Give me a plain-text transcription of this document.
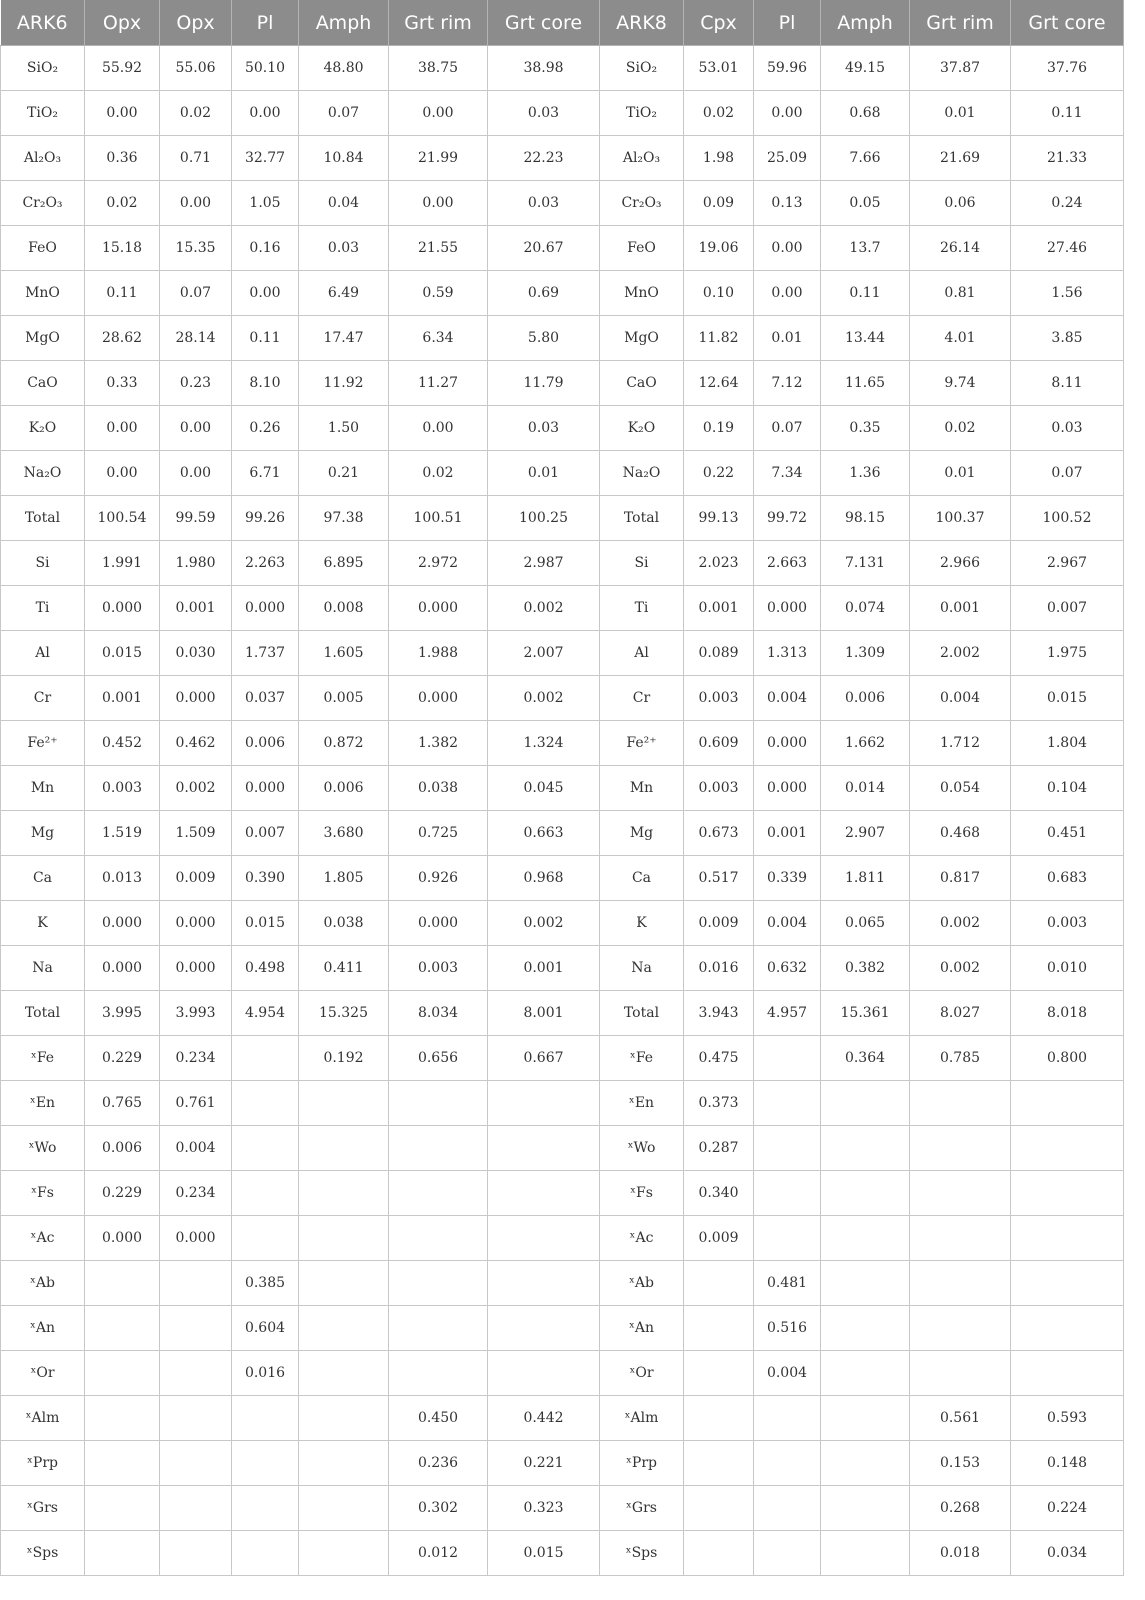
ARK6	Opx	Opx	Pl	Amph	Grt rim	Grt core	ARK8	Cpx	Pl	Amph	Grt rim	Grt core
SiO₂	55.92	55.06	50.10	48.80	38.75	38.98	SiO₂	53.01	59.96	49.15	37.87	37.76
TiO₂	0.00	0.02	0.00	0.07	0.00	0.03	TiO₂	0.02	0.00	0.68	0.01	0.11
Al₂O₃	0.36	0.71	32.77	10.84	21.99	22.23	Al₂O₃	1.98	25.09	7.66	21.69	21.33
Cr₂O₃	0.02	0.00	1.05	0.04	0.00	0.03	Cr₂O₃	0.09	0.13	0.05	0.06	0.24
FeO	15.18	15.35	0.16	0.03	21.55	20.67	FeO	19.06	0.00	13.7	26.14	27.46
MnO	0.11	0.07	0.00	6.49	0.59	0.69	MnO	0.10	0.00	0.11	0.81	1.56
MgO	28.62	28.14	0.11	17.47	6.34	5.80	MgO	11.82	0.01	13.44	4.01	3.85
CaO	0.33	0.23	8.10	11.92	11.27	11.79	CaO	12.64	7.12	11.65	9.74	8.11
K₂O	0.00	0.00	0.26	1.50	0.00	0.03	K₂O	0.19	0.07	0.35	0.02	0.03
Na₂O	0.00	0.00	6.71	0.21	0.02	0.01	Na₂O	0.22	7.34	1.36	0.01	0.07
Total	100.54	99.59	99.26	97.38	100.51	100.25	Total	99.13	99.72	98.15	100.37	100.52
Si	1.991	1.980	2.263	6.895	2.972	2.987	Si	2.023	2.663	7.131	2.966	2.967
Ti	0.000	0.001	0.000	0.008	0.000	0.002	Ti	0.001	0.000	0.074	0.001	0.007
Al	0.015	0.030	1.737	1.605	1.988	2.007	Al	0.089	1.313	1.309	2.002	1.975
Cr	0.001	0.000	0.037	0.005	0.000	0.002	Cr	0.003	0.004	0.006	0.004	0.015
Fe²⁺	0.452	0.462	0.006	0.872	1.382	1.324	Fe²⁺	0.609	0.000	1.662	1.712	1.804
Mn	0.003	0.002	0.000	0.006	0.038	0.045	Mn	0.003	0.000	0.014	0.054	0.104
Mg	1.519	1.509	0.007	3.680	0.725	0.663	Mg	0.673	0.001	2.907	0.468	0.451
Ca	0.013	0.009	0.390	1.805	0.926	0.968	Ca	0.517	0.339	1.811	0.817	0.683
K	0.000	0.000	0.015	0.038	0.000	0.002	K	0.009	0.004	0.065	0.002	0.003
Na	0.000	0.000	0.498	0.411	0.003	0.001	Na	0.016	0.632	0.382	0.002	0.010
Total	3.995	3.993	4.954	15.325	8.034	8.001	Total	3.943	4.957	15.361	8.027	8.018
ˣFe	0.229	0.234		0.192	0.656	0.667	ˣFe	0.475		0.364	0.785	0.800
ˣEn	0.765	0.761					ˣEn	0.373				
ˣWo	0.006	0.004					ˣWo	0.287				
ˣFs	0.229	0.234					ˣFs	0.340				
ˣAc	0.000	0.000					ˣAc	0.009				
ˣAb			0.385				ˣAb		0.481			
ˣAn			0.604				ˣAn		0.516			
ˣOr			0.016				ˣOr		0.004			
ˣAlm					0.450	0.442	ˣAlm				0.561	0.593
ˣPrp					0.236	0.221	ˣPrp				0.153	0.148
ˣGrs					0.302	0.323	ˣGrs				0.268	0.224
ˣSps					0.012	0.015	ˣSps				0.018	0.034
